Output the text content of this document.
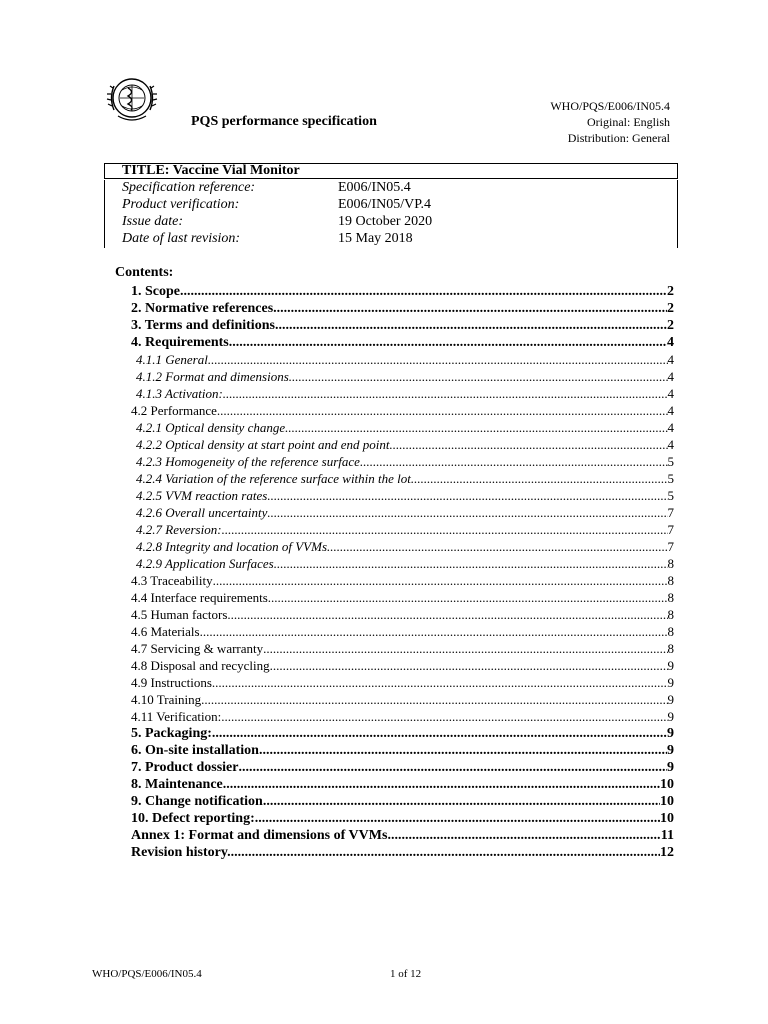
PQS performance specification
WHO/PQS/E006/IN05.4
Original: English
Distribution: General
TITLE: Vaccine Vial Monitor
Specification reference:	E006/IN05.4
Product verification:	E006/IN05/VP.4
Issue date:	19 October 2020
Date of last revision:	15 May 2018
Contents:
1. Scope .....	2
2. Normative references .....	2
3. Terms and definitions .....	2
4. Requirements .....	4
4.1.1 General .....	4
4.1.2 Format and dimensions .....	4
4.1.3 Activation: .....	4
4.2 Performance .....	4
4.2.1 Optical density change .....	4
4.2.2 Optical density at start point and end point .....	4
4.2.3 Homogeneity of the reference surface .....	5
4.2.4 Variation of the reference surface within the lot .....	5
4.2.5 VVM reaction rates .....	5
4.2.6 Overall uncertainty .....	7
4.2.7 Reversion: .....	7
4.2.8 Integrity and location of VVMs .....	7
4.2.9 Application Surfaces .....	8
4.3 Traceability .....	8
4.4 Interface requirements .....	8
4.5 Human factors .....	8
4.6 Materials .....	8
4.7 Servicing & warranty .....	8
4.8 Disposal and recycling .....	9
4.9 Instructions .....	9
4.10 Training .....	9
4.11 Verification: .....	9
5. Packaging: .....	9
6. On-site installation .....	9
7. Product dossier .....	9
8. Maintenance .....	10
9. Change notification .....	10
10. Defect reporting: .....	10
Annex 1: Format and dimensions of VVMs .....	11
Revision history. .....	12
WHO/PQS/E006/IN05.4	1 of 12
